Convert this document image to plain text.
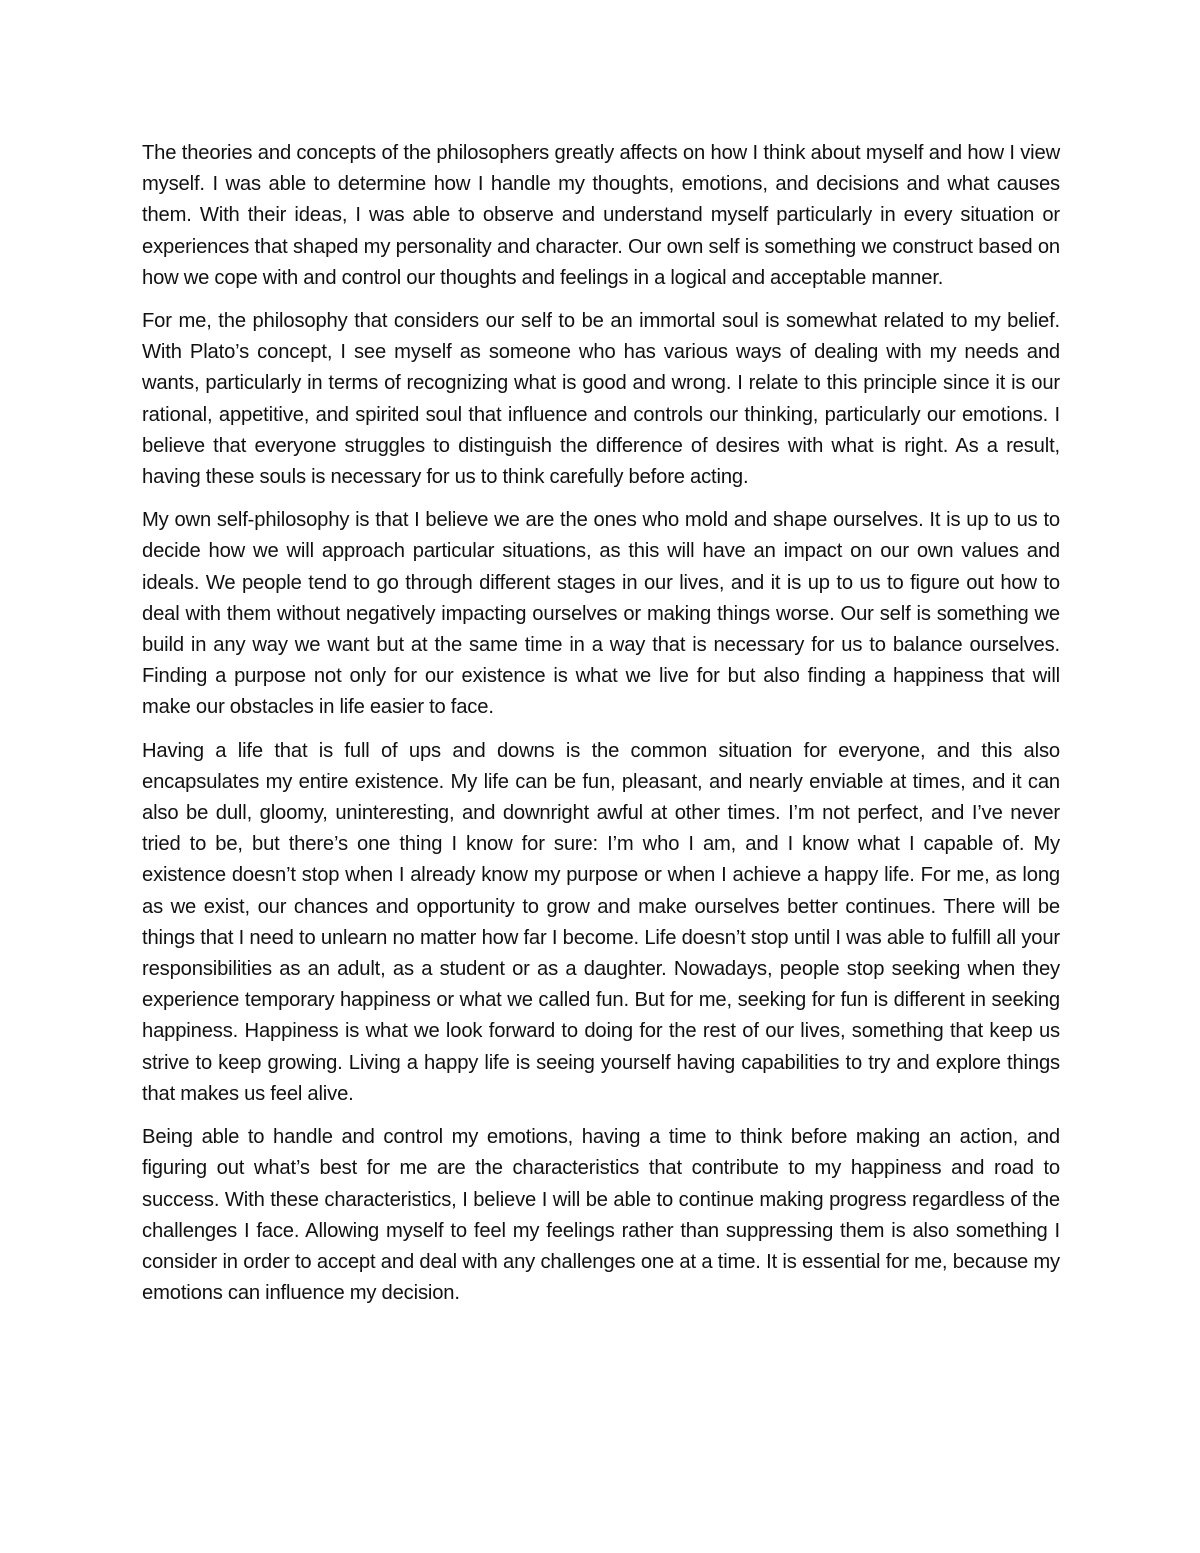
The theories and concepts of the philosophers greatly affects on how I think about myself and how I view myself. I was able to determine how I handle my thoughts, emotions, and decisions and what causes them. With their ideas, I was able to observe and understand myself particularly in every situation or experiences that shaped my personality and character. Our own self is something we construct based on how we cope with and control our thoughts and feelings in a logical and acceptable manner.

For me, the philosophy that considers our self to be an immortal soul is somewhat related to my belief. With Plato’s concept, I see myself as someone who has various ways of dealing with my needs and wants, particularly in terms of recognizing what is good and wrong. I relate to this principle since it is our rational, appetitive, and spirited soul that influence and controls our thinking, particularly our emotions. I believe that everyone struggles to distinguish the difference of desires with what is right. As a result, having these souls is necessary for us to think carefully before acting.

My own self-philosophy is that I believe we are the ones who mold and shape ourselves. It is up to us to decide how we will approach particular situations, as this will have an impact on our own values and ideals. We people tend to go through different stages in our lives, and it is up to us to figure out how to deal with them without negatively impacting ourselves or making things worse. Our self is something we build in any way we want but at the same time in a way that is necessary for us to balance ourselves. Finding a purpose not only for our existence is what we live for but also finding a happiness that will make our obstacles in life easier to face.

Having a life that is full of ups and downs is the common situation for everyone, and this also encapsulates my entire existence. My life can be fun, pleasant, and nearly enviable at times, and it can also be dull, gloomy, uninteresting, and downright awful at other times. I’m not perfect, and I’ve never tried to be, but there’s one thing I know for sure: I’m who I am, and I know what I capable of. My existence doesn’t stop when I already know my purpose or when I achieve a happy life. For me, as long as we exist, our chances and opportunity to grow and make ourselves better continues. There will be things that I need to unlearn no matter how far I become. Life doesn’t stop until I was able to fulfill all your responsibilities as an adult, as a student or as a daughter. Nowadays, people stop seeking when they experience temporary happiness or what we called fun. But for me, seeking for fun is different in seeking happiness. Happiness is what we look forward to doing for the rest of our lives, something that keep us strive to keep growing. Living a happy life is seeing yourself having capabilities to try and explore things that makes us feel alive.

Being able to handle and control my emotions, having a time to think before making an action, and figuring out what’s best for me are the characteristics that contribute to my happiness and road to success. With these characteristics, I believe I will be able to continue making progress regardless of the challenges I face. Allowing myself to feel my feelings rather than suppressing them is also something I consider in order to accept and deal with any challenges one at a time. It is essential for me, because my emotions can influence my decision.
